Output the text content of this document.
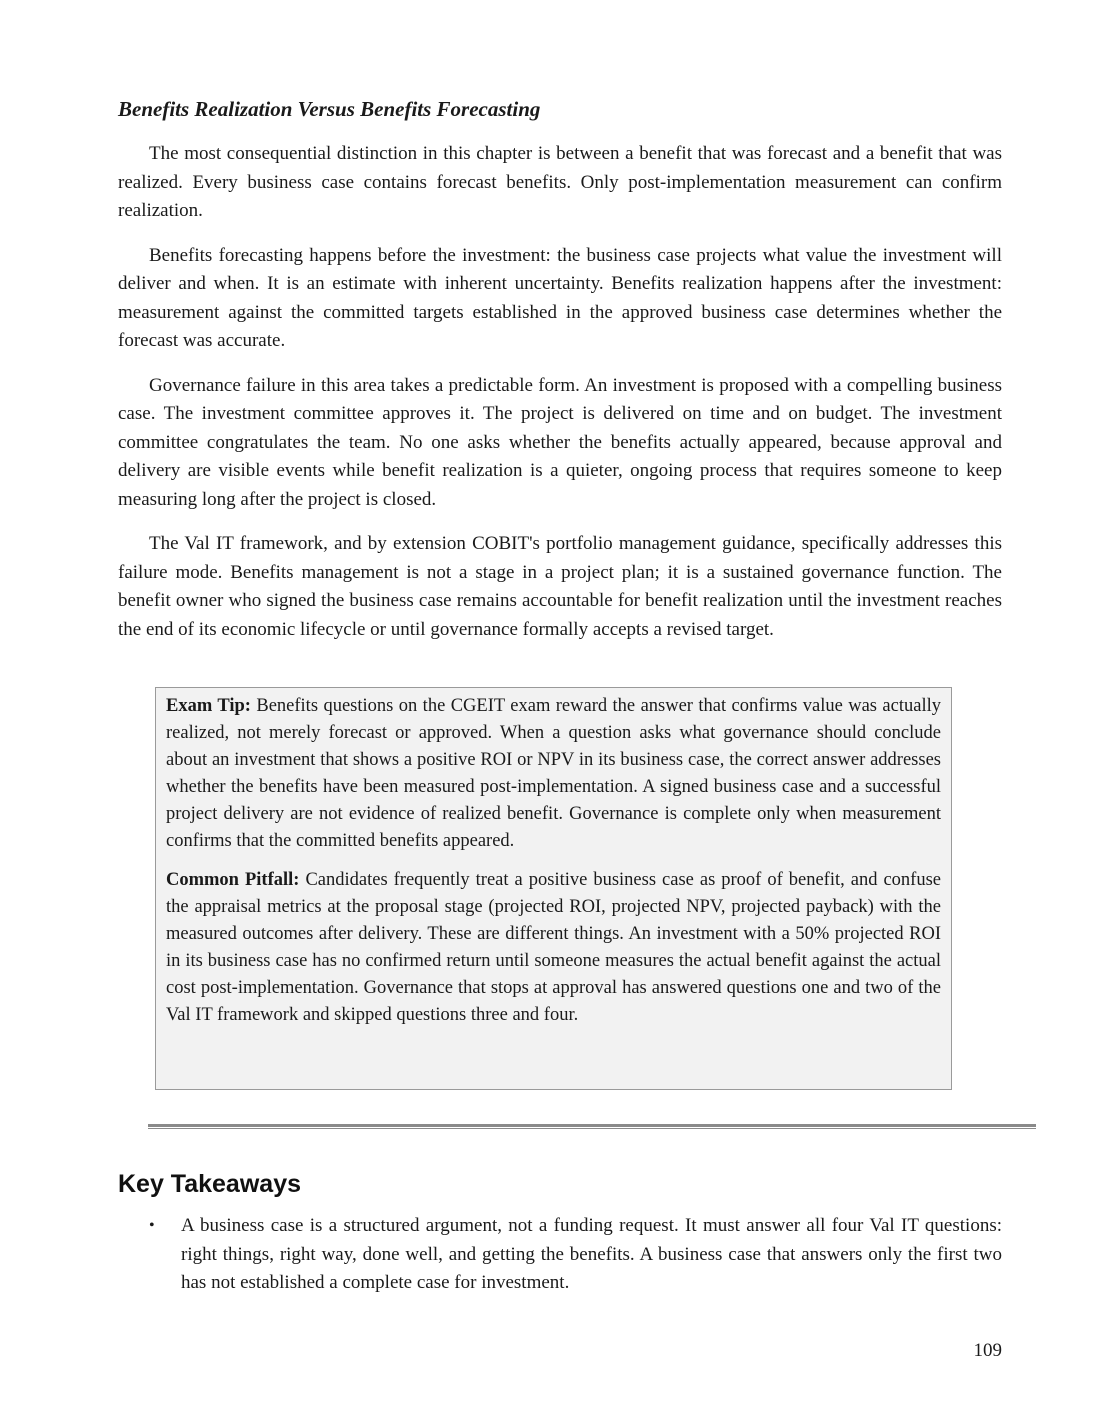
Benefits Realization Versus Benefits Forecasting

The most consequential distinction in this chapter is between a benefit that was forecast and a benefit that was realized. Every business case contains forecast benefits. Only post-implementation measurement can confirm realization.

Benefits forecasting happens before the investment: the business case projects what value the investment will deliver and when. It is an estimate with inherent uncertainty. Benefits realization happens after the investment: measurement against the committed targets established in the approved business case determines whether the forecast was accurate.

Governance failure in this area takes a predictable form. An investment is proposed with a compelling business case. The investment committee approves it. The project is delivered on time and on budget. The investment committee congratulates the team. No one asks whether the benefits actually appeared, because approval and delivery are visible events while benefit realization is a quieter, ongoing process that requires someone to keep measuring long after the project is closed.

The Val IT framework, and by extension COBIT's portfolio management guidance, specifically addresses this failure mode. Benefits management is not a stage in a project plan; it is a sustained governance function. The benefit owner who signed the business case remains accountable for benefit realization until the investment reaches the end of its economic lifecycle or until governance formally accepts a revised target.

Exam Tip: Benefits questions on the CGEIT exam reward the answer that confirms value was actually realized, not merely forecast or approved. When a question asks what governance should conclude about an investment that shows a positive ROI or NPV in its business case, the correct answer addresses whether the benefits have been measured post-implementation. A signed business case and a successful project delivery are not evidence of realized benefit. Governance is complete only when measurement confirms that the committed benefits appeared.

Common Pitfall: Candidates frequently treat a positive business case as proof of benefit, and confuse the appraisal metrics at the proposal stage (projected ROI, projected NPV, projected payback) with the measured outcomes after delivery. These are different things. An investment with a 50% projected ROI in its business case has no confirmed return until someone measures the actual benefit against the actual cost post-implementation. Governance that stops at approval has answered questions one and two of the Val IT framework and skipped questions three and four.

Key Takeaways
• A business case is a structured argument, not a funding request. It must answer all four Val IT questions: right things, right way, done well, and getting the benefits. A business case that answers only the first two has not established a complete case for investment.
109
